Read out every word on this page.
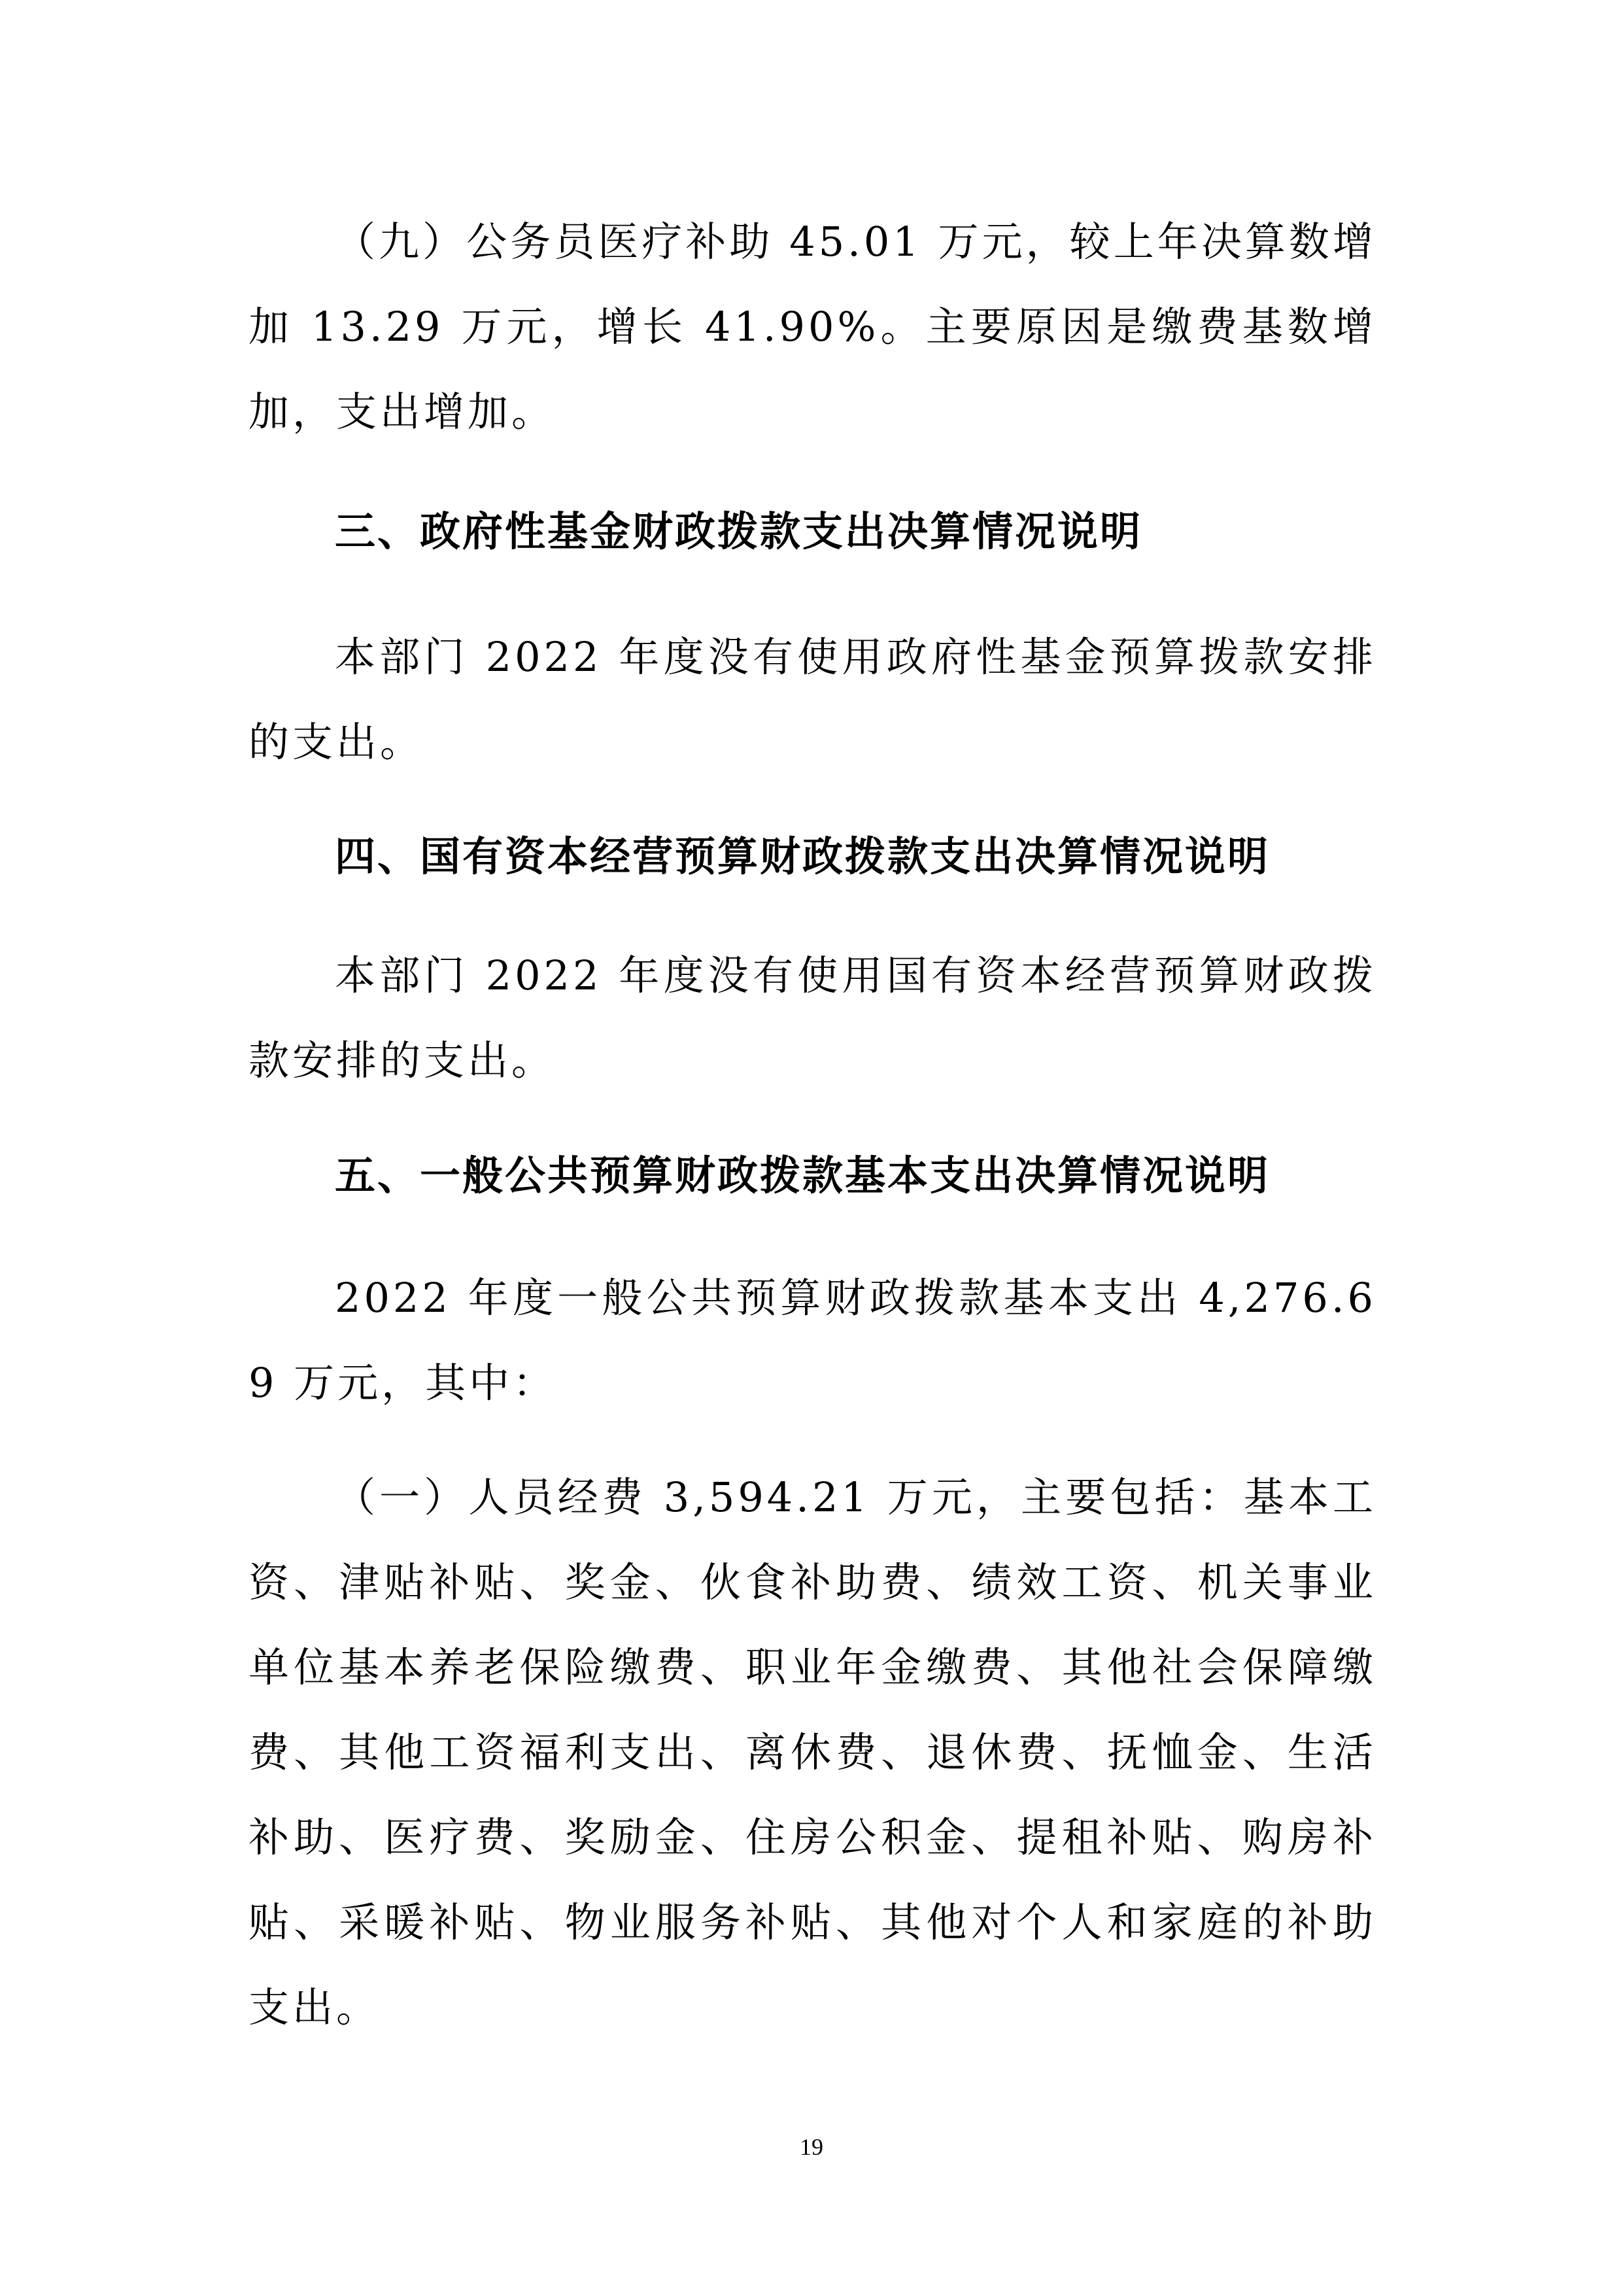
（九）公务员医疗补助 45.01 万元，较上年决算数增加 13.29 万元，增长 41.90%。主要原因是缴费基数增加，支出增加。

三、政府性基金财政拨款支出决算情况说明

本部门 2022 年度没有使用政府性基金预算拨款安排的支出。

四、国有资本经营预算财政拨款支出决算情况说明

本部门 2022 年度没有使用国有资本经营预算财政拨款安排的支出。

五、一般公共预算财政拨款基本支出决算情况说明

2022 年度一般公共预算财政拨款基本支出 4,276.69 万元，其中：

（一）人员经费 3,594.21 万元，主要包括：基本工资、津贴补贴、奖金、伙食补助费、绩效工资、机关事业单位基本养老保险缴费、职业年金缴费、其他社会保障缴费、其他工资福利支出、离休费、退休费、抚恤金、生活补助、医疗费、奖励金、住房公积金、提租补贴、购房补贴、采暖补贴、物业服务补贴、其他对个人和家庭的补助支出。

19
